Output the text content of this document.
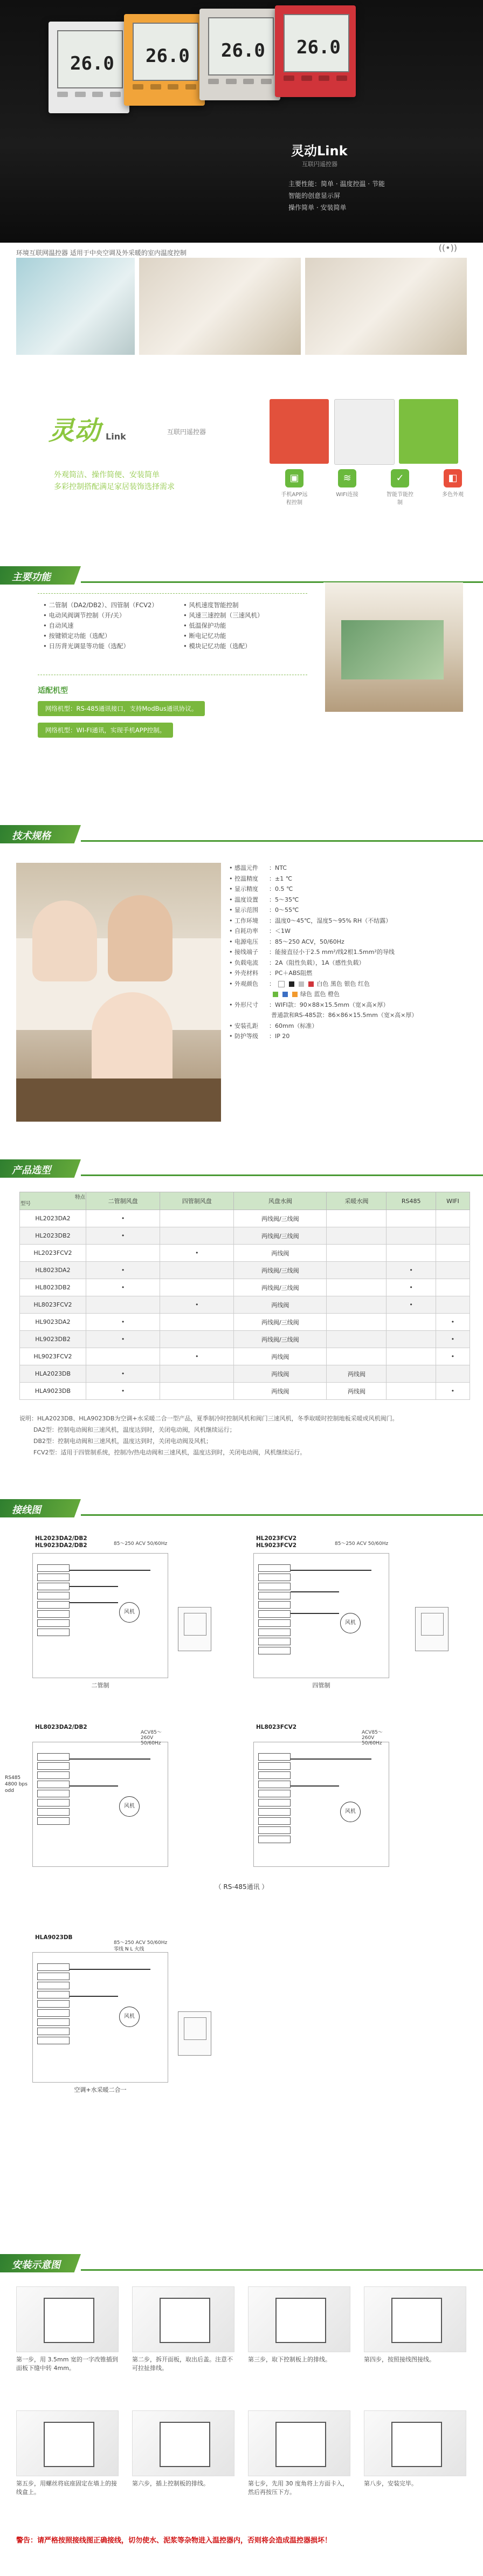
26.0 26.0 26.0 26.0
灵动Link
互联円遥控器
主要性能：简单 · 温度控温 · 节能
智能的创意显示屏
操作简单 · 安装简单
环境互联网温控器 适用于中央空调及外采暖的室内温度控制	((•))
灵动 Link	互联円遥控器
外观简洁、操作简便、安装简单
多彩控制搭配满足家居装饰选择需求
▣
手机APP远程控制
≋
WIFI连接
✓
智能节能控制
◧
多色外观
主要功能
• 二管制（DA2/DB2）、四管制（FCV2）
• 电动风阀调节控制（开/关）
• 自动风速
• 按键锁定功能（选配）
• 日历背光调显等功能（选配）
• 风机速度智能控制
• 风速三速控制（三速风机）
• 低温保护功能
• 断电记忆功能
• 模块记忆功能（选配）
适配机型
网络机型：RS-485通讯接口，支持ModBus通讯协议。
网络机型：WI-FI通讯，实现手机APP控制。
技术规格
• 感温元件 ：NTC
• 控温精度 ：±1 ℃
• 显示精度 ：0.5 ℃
• 温度设置 ：5～35℃
• 显示范围 ：0～55℃
• 工作环境 ：温度0～45℃，湿度5～95% RH（不结露）
• 自耗功率 ：＜1W
• 电源电压 ：85～250 ACV，50/60Hz
• 接线端子 ：能接直径小于2.5 mm²/线2根1.5mm²的导线
• 负载电流 ：2A（阻性负载），1A（感性负载）
• 外壳材料 ：PC＋ABS阻燃
• 外观颜色 ：	白色 黑色 银色 红色
绿色 蓝色 橙色
• 外形尺寸 ：WIFI款：90×88×15.5mm（宽×高×厚）
普通款和RS-485款：86×86×15.5mm（宽×高×厚）
• 安装孔距 ：60mm（标准）
• 防护等级 ：IP 20
产品选型
特点

型号	二管制风盘	四管制风盘	风盘水阀	采暖水阀	RS485	WIFI
HL2023DA2	•		两线阀/三线阀			
HL2023DB2	•		两线阀/三线阀			
HL2023FCV2		•	两线阀			
HL8023DA2	•		两线阀/三线阀		•	
HL8023DB2	•		两线阀/三线阀		•	
HL8023FCV2		•	两线阀		•	
HL9023DA2	•		两线阀/三线阀			•
HL9023DB2	•		两线阀/三线阀			•
HL9023FCV2		•	两线阀			•
HLA2023DB	•		两线阀	两线阀		
HLA9023DB	•		两线阀	两线阀		•
说明：HLA2023DB、HLA9023DB为空调+水采暖二合一型产品，夏季制冷时控制风机和阀门三速风机，冬季取暖时控制地板采暖或风机阀门。
DA2型：控制电动阀和三速风机，温度达到时，关闭电动阀，风机继续运行；
DB2型：控制电动阀和三速风机，温度达到时，关闭电动阀及风机；
FCV2型：适用于四管制系统，控制冷/热电动阀和三速风机，温度达到时，关闭电动阀，风机继续运行。
接线图
HL2023DA2/DB2
HL9023DA2/DB2	85～250 ACV 50/60Hz
风机
二管制
HL2023FCV2
HL9023FCV2	85～250 ACV 50/60Hz
风机
四管制
HL8023DA2/DB2
ACV85～260V 50/60Hz
RS485
4800 bps
odd
风机
HL8023FCV2
ACV85～260V 50/60Hz
风机
（ RS-485通讯 ）
HLA9023DB
85～250 ACV 50/60Hz
零线 N L 火线
风机
空调+水采暖二合一
安装示意图

第一步，用 3.5mm 宽的一字改锥插到面板下缝中转 4mm。

第二步，拆开面板，取出后盖。注意不可拉扯排线。

第三步，取下控制板上的排线。	第四步，按照接线图接线。

第五步，用螺丝将底座固定在墙上的接线盒上。

第六步，插上控制板的排线。	第七步，先用 30 度角将上方面卡入，然后再按压下方。

第八步，安装完毕。

警告：请严格按照接线图正确接线，切勿使水、泥浆等杂物进入温控器内，否则将会造成温控器损坏！
